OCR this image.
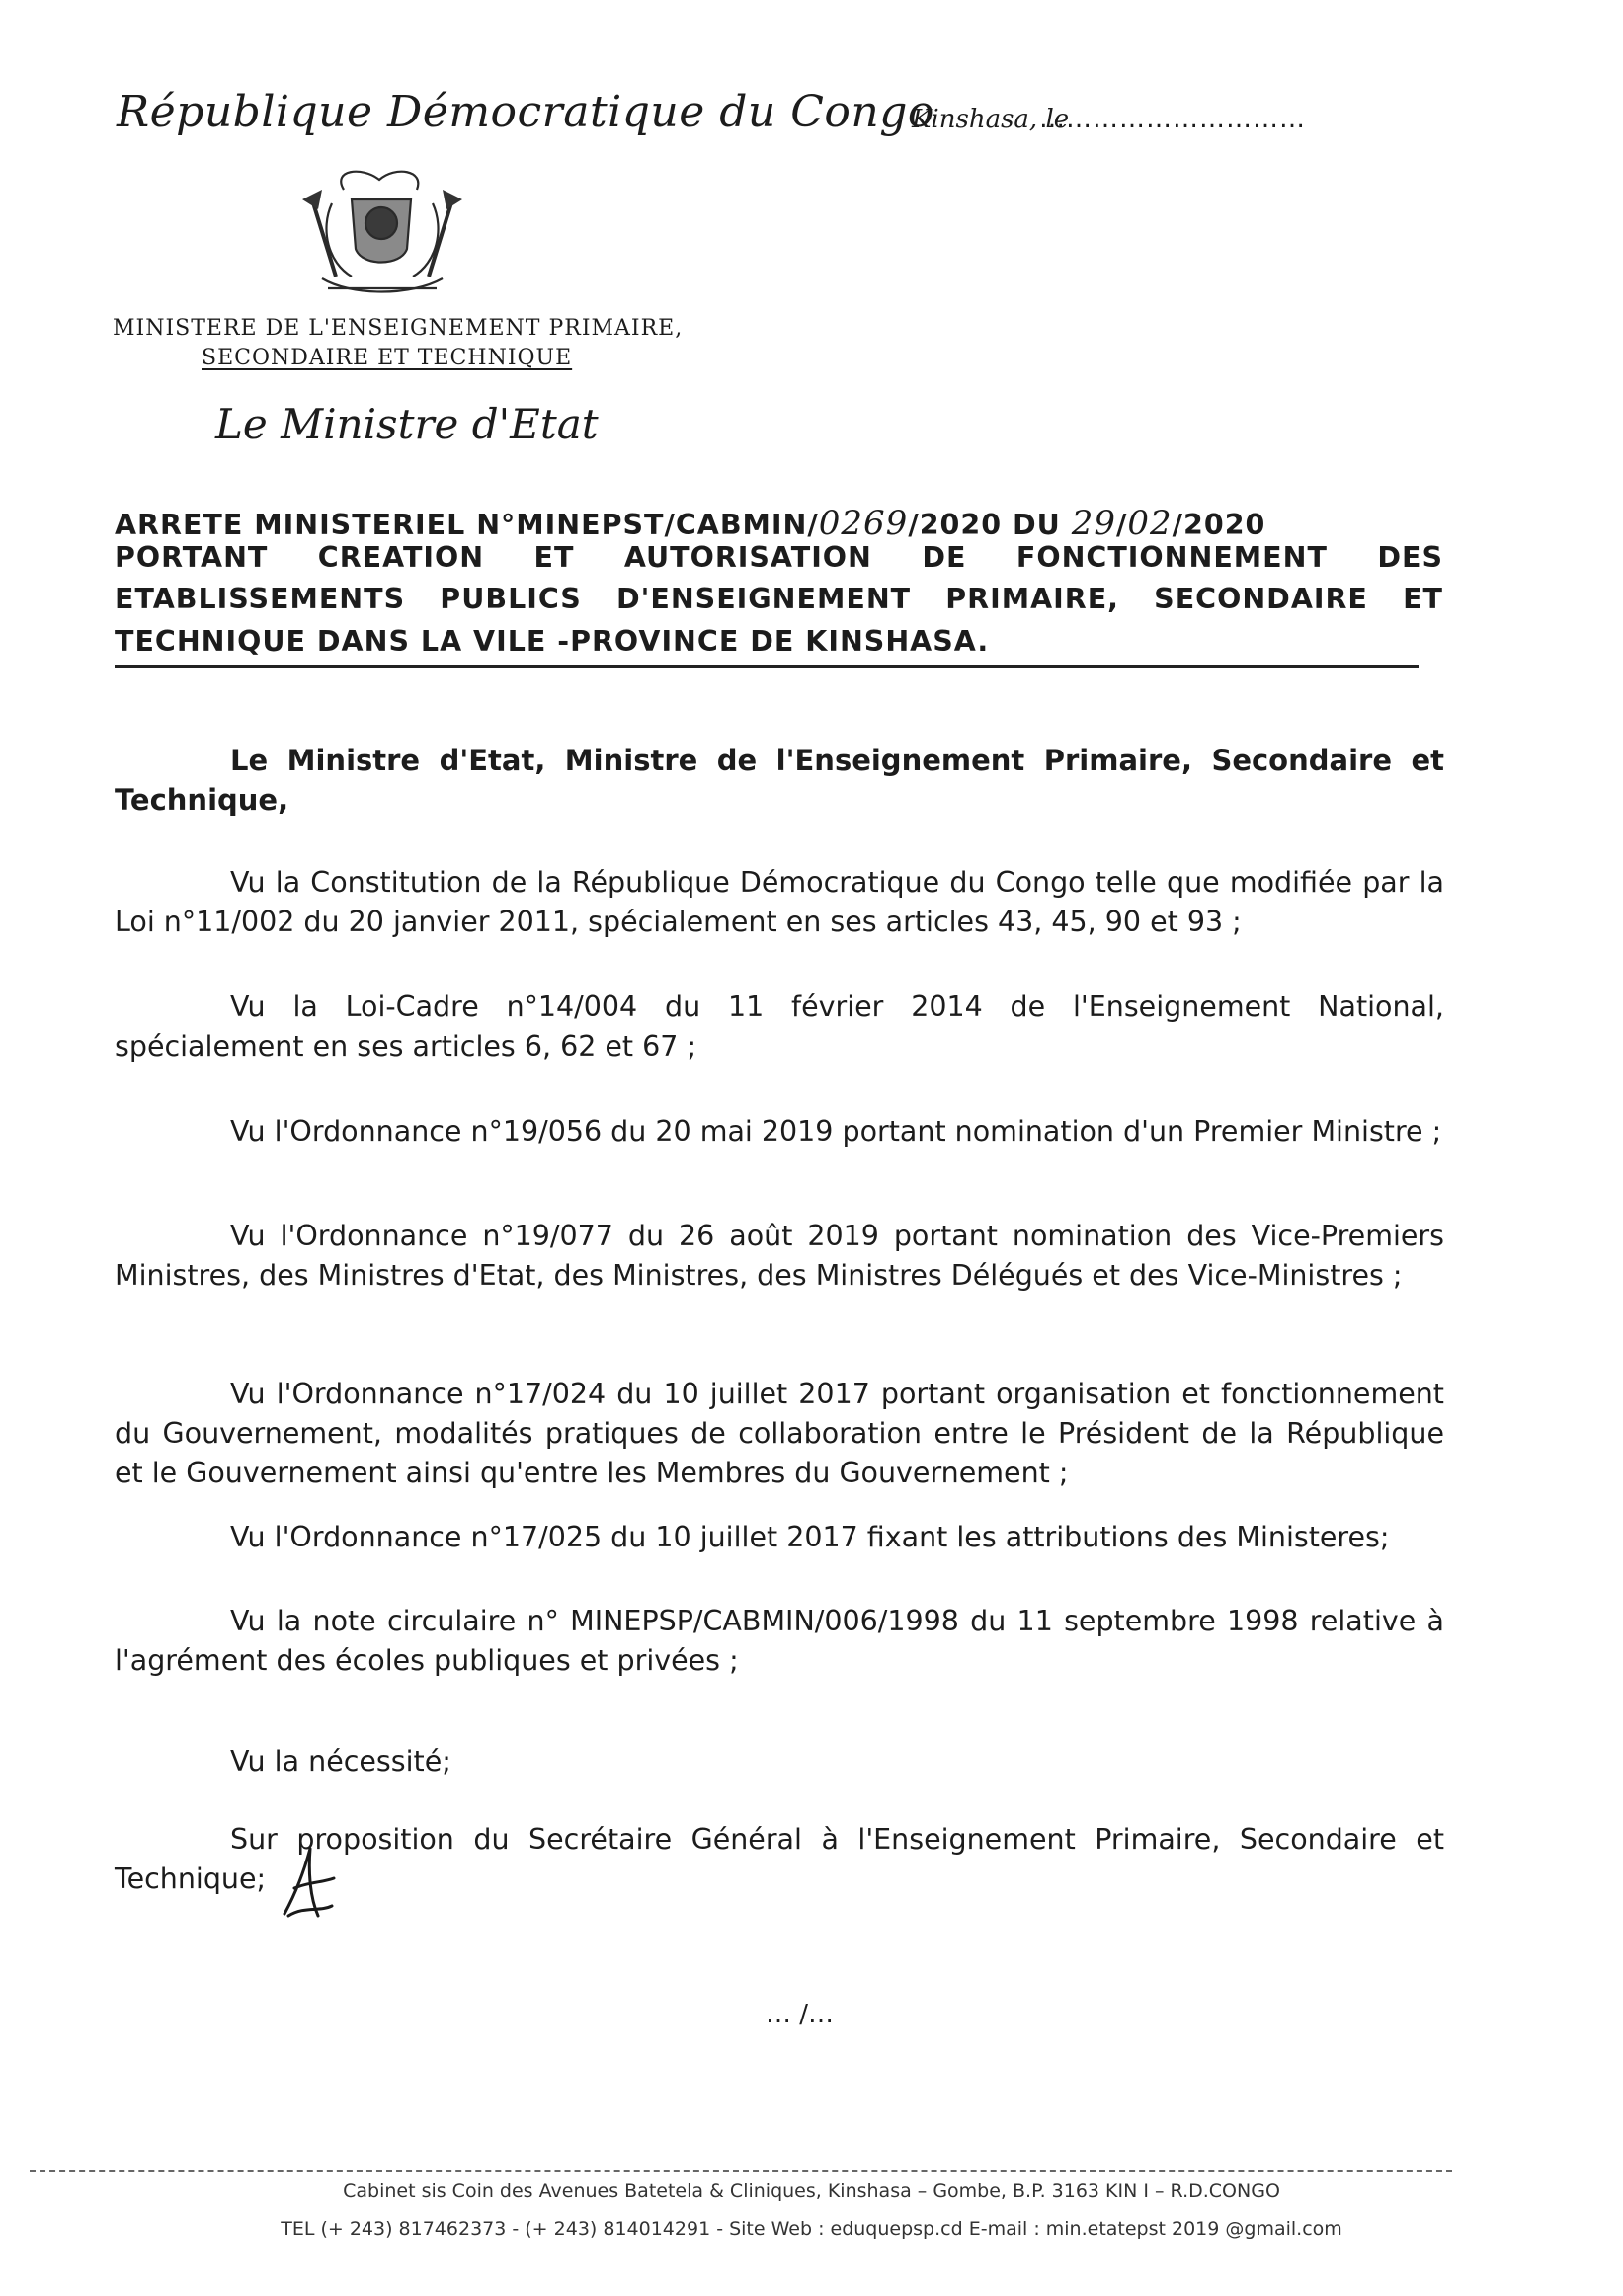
République Démocratique du Congo
Kinshasa, le
…………………………
MINISTERE DE L'ENSEIGNEMENT PRIMAIRE,
SECONDAIRE ET TECHNIQUE
Le Ministre d'Etat
ARRETE MINISTERIEL N°MINEPST/CABMIN/0269/2020 DU 29/02/2020
PORTANT CREATION ET AUTORISATION DE FONCTIONNEMENT DES
ETABLISSEMENTS PUBLICS D'ENSEIGNEMENT PRIMAIRE, SECONDAIRE ET
TECHNIQUE DANS LA VILE -PROVINCE DE KINSHASA.
Le Ministre d'Etat, Ministre de l'Enseignement Primaire, Secondaire et Technique,
Vu la Constitution de la République Démocratique du Congo telle que modifiée par la Loi n°11/002 du 20 janvier 2011, spécialement en ses articles 43, 45, 90 et 93 ;
Vu la Loi-Cadre n°14/004 du 11 février 2014 de l'Enseignement National, spécialement en ses articles 6, 62 et 67 ;
Vu l'Ordonnance n°19/056 du 20 mai 2019 portant nomination d'un Premier Ministre ;
Vu l'Ordonnance n°19/077 du 26 août 2019 portant nomination des Vice-Premiers Ministres, des Ministres d'Etat, des Ministres, des Ministres Délégués et des Vice-Ministres ;
Vu l'Ordonnance n°17/024 du 10 juillet 2017 portant organisation et fonctionnement du Gouvernement, modalités pratiques de collaboration entre le Président de la République et le Gouvernement ainsi qu'entre les Membres du Gouvernement ;
Vu l'Ordonnance n°17/025 du 10 juillet 2017 fixant les attributions des Ministeres;
Vu la note circulaire n° MINEPSP/CABMIN/006/1998 du 11 septembre 1998 relative à l'agrément des écoles publiques et privées ;
Vu la nécessité;
Sur proposition du Secrétaire Général à l'Enseignement Primaire, Secondaire et Technique;
… /…
Cabinet sis Coin des Avenues Batetela & Cliniques, Kinshasa – Gombe, B.P. 3163 KIN I – R.D.CONGO
TEL (+ 243) 817462373 - (+ 243) 814014291 - Site Web : eduquepsp.cd E-mail : min.etatepst 2019 @gmail.com
